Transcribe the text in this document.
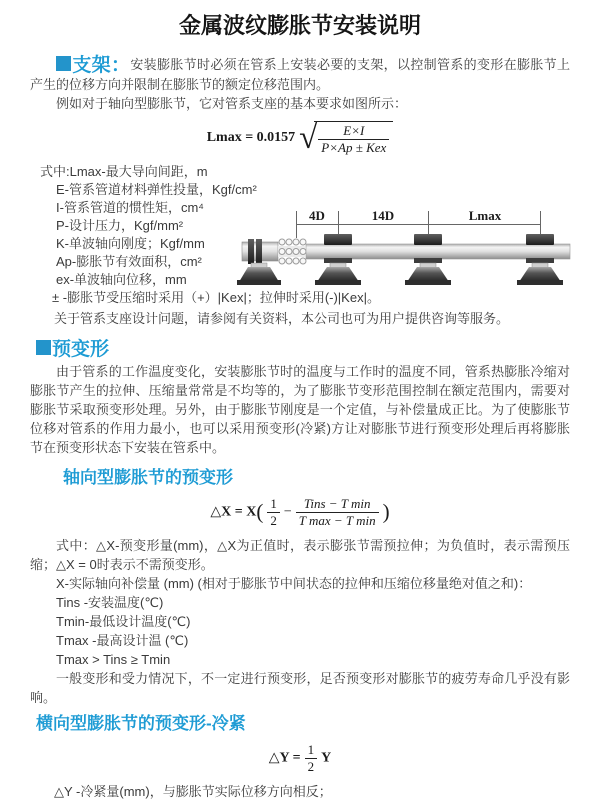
金属波纹膨胀节安装说明

支架：安装膨胀节时必须在管系上安装必要的支架，以控制管系的变形在膨胀节上产生的位移方向并限制在膨胀节的额定位移范围内。

例如对于轴向型膨胀节，它对管系支座的基本要求如图所示：

Lmax = 0.0157 √ $\frac{E\times I}{\text{P×Ap ± Kex}}$
式中:Lmax-最大导向间距，m
E-管系管道材料弹性投量，Kgf/cm²
I-管系管道的惯性矩，cm⁴
P-设计压力，Kgf/mm²
K-单波轴向刚度；Kgf/mm
Ap-膨胀节有效面积，cm²
ex-单波轴向位移，mm
± -膨胀节受压缩时采用（+）|Kex|；拉伸时采用(-)|Kex|。

关于管系支座设计问题，请参阅有关资料，本公司也可为用户提供咨询等服务。

4D	14D	Lmax
预变形

由于管系的工作温度变化，安装膨胀节时的温度与工作时的温度不同，管系热膨胀冷缩对膨胀节产生的拉伸、压缩量常常是不均等的，为了膨胀节变形范围控制在额定范围内，需要对膨胀节采取预变形处理。另外，由于膨胀节刚度是一个定值，与补偿量成正比。为了使膨胀节位移对管系的作用力最小，也可以采用预变形(冷紧)方让对膨胀节进行预变形处理后再将膨胀节在预变形状态下安装在管系中。

轴向型膨胀节的预变形
△X = $X( \frac{1}{2} - \frac{\text{Tins − T min}}{\text{T max − T min}}$ )

式中：△X-预变形量(mm)，△X为正值时，表示膨张节需预拉伸；为负值时，表示需预压缩；△X = 0时表示不需预变形。

X-实际轴向补偿量 (mm) (相对于膨胀节中间状态的拉伸和压缩位移量绝对值之和)：
Tins -安装温度(℃)
Tmin-最低设计温度(℃)
Tmax -最高设计温 (℃)
Tmax > Tins ≥ Tmin

一般变形和受力情况下，不一定进行预变形，足否预变形对膨胀节的疲劳寿命几乎没有影响。

横向型膨胀节的预变形-冷紧
△Y = $\frac{1}{2}$ Y

△Y -冷紧量(mm)，与膨胀节实际位移方向相反；
